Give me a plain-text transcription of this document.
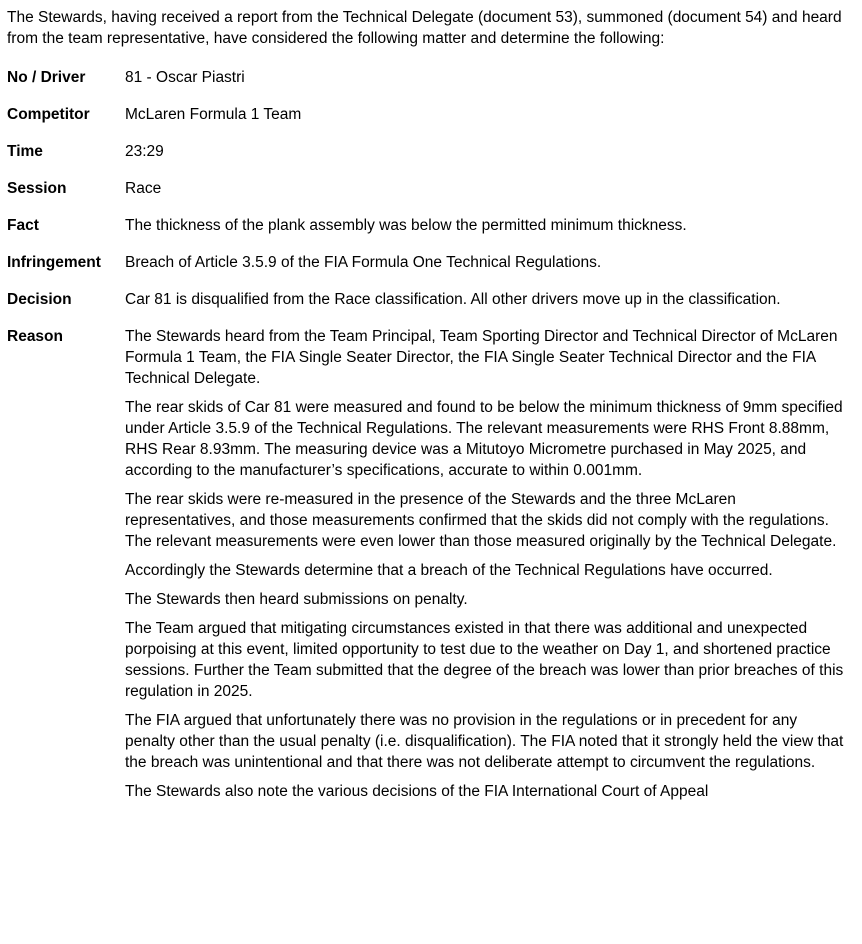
The Stewards, having received a report from the Technical Delegate (document 53), summoned (document 54) and heard from the team representative, have considered the following matter and determine the following:

No / Driver	81 - Oscar Piastri
Competitor	McLaren Formula 1 Team
Time	23:29
Session	Race
Fact	The thickness of the plank assembly was below the permitted minimum thickness.
Infringement	Breach of Article 3.5.9 of the FIA Formula One Technical Regulations.
Decision	Car 81 is disqualified from the Race classification. All other drivers move up in the classification.
Reason	The Stewards heard from the Team Principal, Team Sporting Director and Technical Director of McLaren Formula 1 Team, the FIA Single Seater Director, the FIA Single Seater Technical Director and the FIA Technical Delegate.

The rear skids of Car 81 were measured and found to be below the minimum thickness of 9mm specified under Article 3.5.9 of the Technical Regulations. The relevant measurements were RHS Front 8.88mm, RHS Rear 8.93mm. The measuring device was a Mitutoyo Micrometre purchased in May 2025, and according to the manufacturer’s specifications, accurate to within 0.001mm.

The rear skids were re-measured in the presence of the Stewards and the three McLaren representatives, and those measurements confirmed that the skids did not comply with the regulations. The relevant measurements were even lower than those measured originally by the Technical Delegate.

Accordingly the Stewards determine that a breach of the Technical Regulations have occurred.

The Stewards then heard submissions on penalty.

The Team argued that mitigating circumstances existed in that there was additional and unexpected porpoising at this event, limited opportunity to test due to the weather on Day 1, and shortened practice sessions. Further the Team submitted that the degree of the breach was lower than prior breaches of this regulation in 2025.

The FIA argued that unfortunately there was no provision in the regulations or in precedent for any penalty other than the usual penalty (i.e. disqualification). The FIA noted that it strongly held the view that the breach was unintentional and that there was not deliberate attempt to circumvent the regulations.

The Stewards also note the various decisions of the FIA International Court of Appeal
